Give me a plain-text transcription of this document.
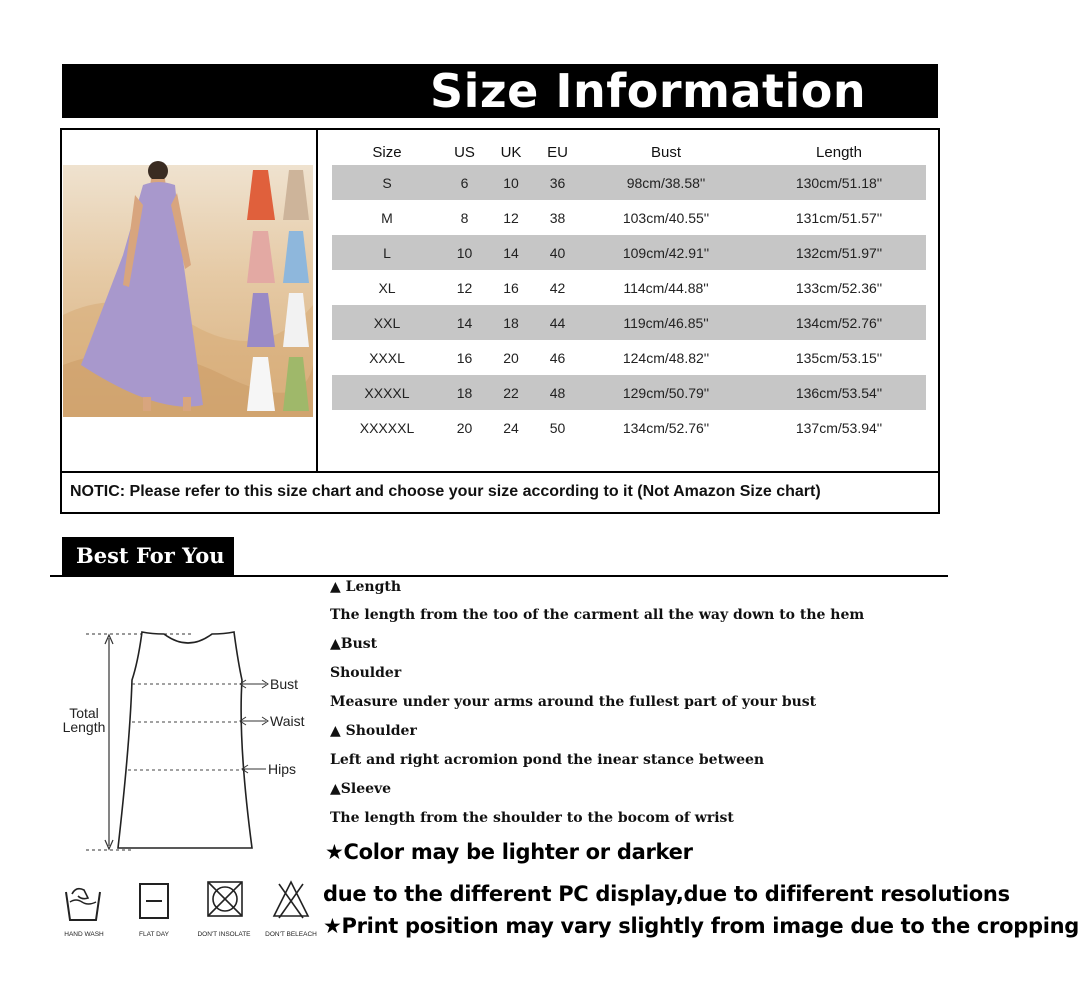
Size Information
Size	US	UK	EU	Bust	Length
S	6	10	36	98cm/38.58''	130cm/51.18''
M	8	12	38	103cm/40.55''	131cm/51.57''
L	10	14	40	109cm/42.91''	132cm/51.97''
XL	12	16	42	114cm/44.88''	133cm/52.36''
XXL	14	18	44	119cm/46.85''	134cm/52.76''
XXXL	16	20	46	124cm/48.82''	135cm/53.15''
XXXXL	18	22	48	129cm/50.79''	136cm/53.54''
XXXXXL	20	24	50	134cm/52.76''	137cm/53.94''
NOTIC: Please refer to this size chart and choose your size according to it (Not Amazon Size chart)
Best For You
Total
Length
Bust
Waist
Hips
HAND WASH	FLAT DAY	DON'T INSOLATE DON'T BELEACH
▲ Length
The length from the too of the carment all the way down to the hem
▲Bust
Shoulder
Measure under your arms around the fullest part of your bust
▲ Shoulder
Left and right acromion pond the inear stance between
▲Sleeve
The length from the shoulder to the bocom of wrist
★Color may be lighter or darker
due to the different PC display,due to dififerent resolutions
★Print position may vary slightly from image due to the cropping
